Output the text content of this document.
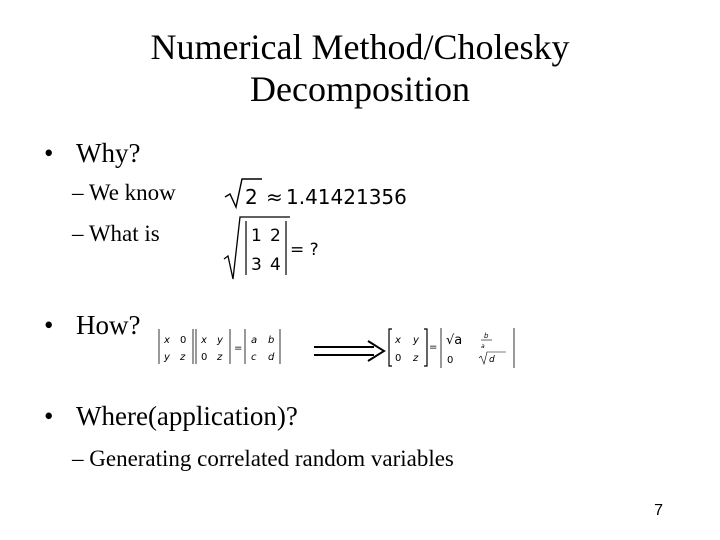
Numerical Method/Cholesky
Decomposition
• Why?
– We know
– What is
2 ≈ 1.41421356
1 2
3 4
= ?
• How?
x 0
y z
x y
0 z
=
a b
c d
x y
0 z
= √a	b
a
0	d
• Where(application)?
– Generating correlated random variables
7
